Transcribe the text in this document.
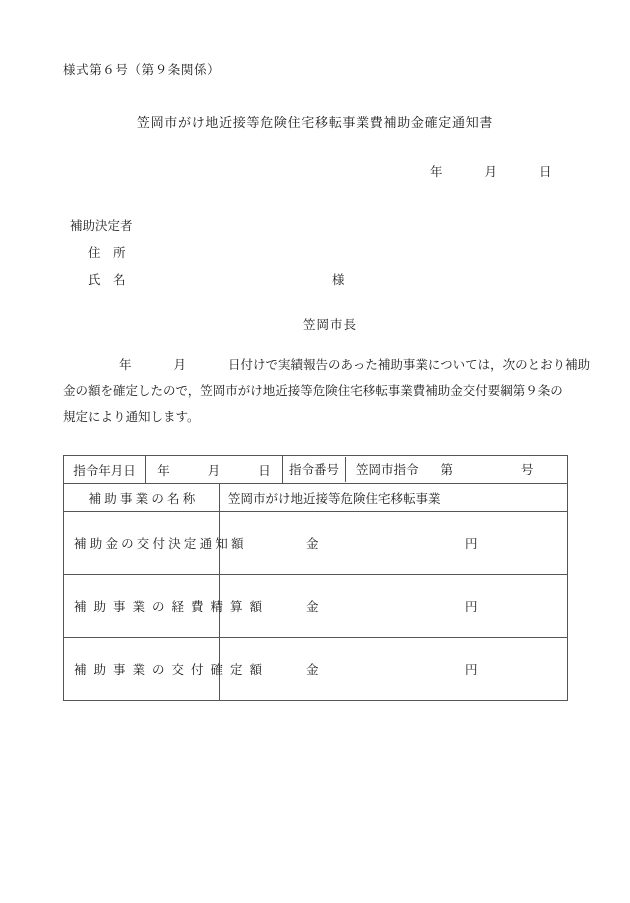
様式第６号（第９条関係）
笠岡市がけ地近接等危険住宅移転事業費補助金確定通知書
年	月	日
補助決定者
住　所
氏　名	様
笠岡市長
年	月	日付けで実績報告のあった補助事業については，次のとおり補助
金の額を確定したので，笠岡市がけ地近接等危険住宅移転事業費補助金交付要綱第９条の
規定により通知します。
指令年月日	年 月 日		指令番号 笠岡市指令 第 号
補助事業の名称		笠岡市がけ地近接等危険住宅移転事業	
補助金の交付決定通知額		金 円	

補助事業の経費精算額		金 円	

補助事業の交付確定額		金 円	
